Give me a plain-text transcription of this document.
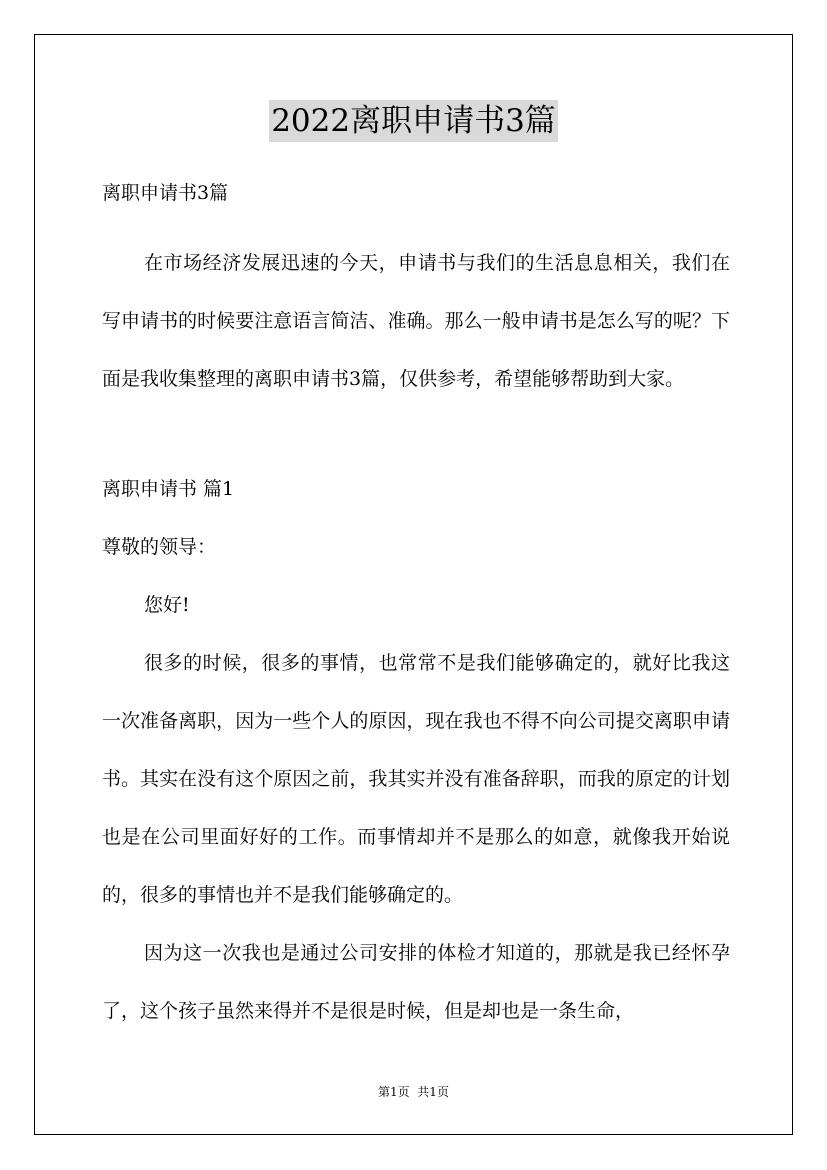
2022离职申请书3篇
离职申请书3篇

在市场经济发展迅速的今天，申请书与我们的生活息息相关，我们在写申请书的时候要注意语言简洁、准确。那么一般申请书是怎么写的呢？下面是我收集整理的离职申请书3篇，仅供参考，希望能够帮助到大家。

离职申请书 篇1
尊敬的领导：
您好!

很多的时候，很多的事情，也常常不是我们能够确定的，就好比我这一次准备离职，因为一些个人的原因，现在我也不得不向公司提交离职申请书。其实在没有这个原因之前，我其实并没有准备辞职，而我的原定的计划也是在公司里面好好的工作。而事情却并不是那么的如意，就像我开始说的，很多的事情也并不是我们能够确定的。

因为这一次我也是通过公司安排的体检才知道的，那就是我已经怀孕了，这个孩子虽然来得并不是很是时候，但是却也是一条生命，

第1页  共1页
